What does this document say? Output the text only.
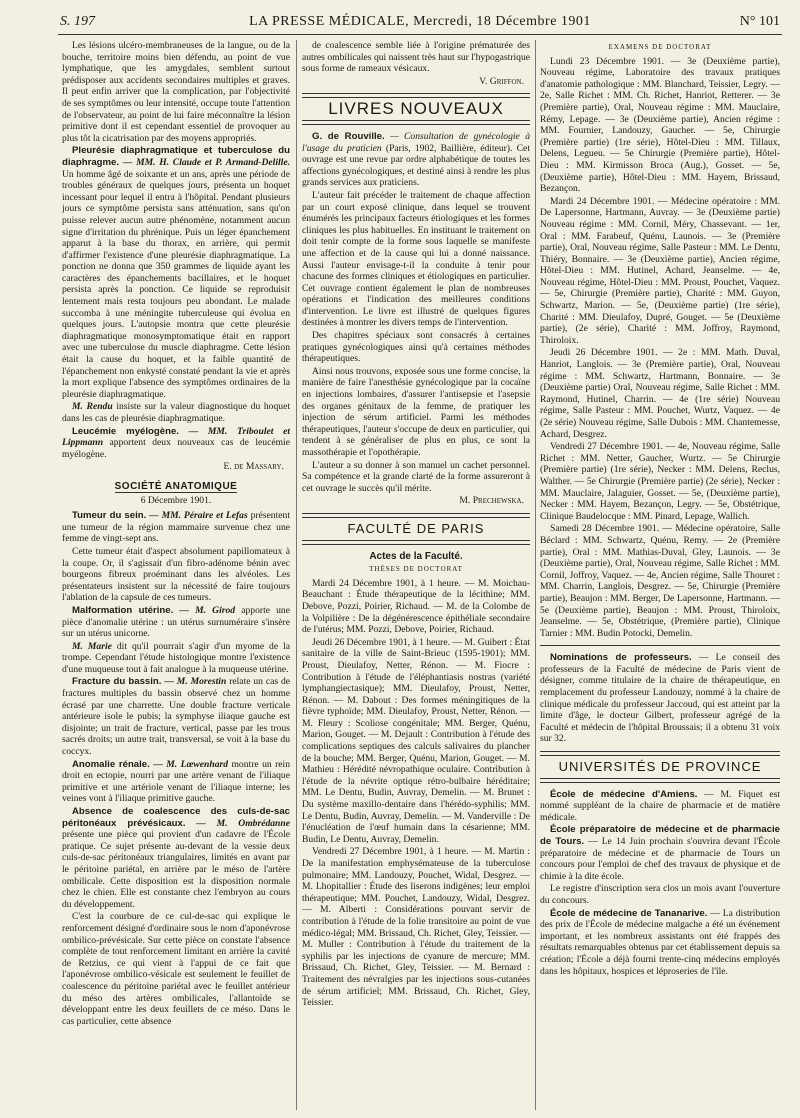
S. 197	LA PRESSE MÉDICALE, Mercredi, 18 Décembre 1901	N° 101

Les lésions ulcéro-membraneuses de la langue, ou de la bouche, territoire moins bien défendu, au point de vue lymphatique, que les amygdales, semblent surtout prédisposer aux accidents secondaires multiples et graves. Il peut enfin arriver que la complication, par l'objectivité de ses symptômes ou leur intensité, occupe toute l'attention de l'observateur, au point de lui faire méconnaître la lésion primitive dont il est cependant essentiel de provoquer au plus tôt la cicatrisation par des moyens appropriés.

Pleurésie diaphragmatique et tuberculose du diaphragme. — MM. H. Claude et P. Armand-Delille. Un homme âgé de soixante et un ans, après une période de troubles généraux de quelques jours, présenta un hoquet incessant pour lequel il entra à l'hôpital. Pendant plusieurs jours ce symptôme persista sans atténuation, sans qu'on puisse relever aucun autre phénomène, notamment aucun signe d'irritation du phrénique. Puis un léger épanchement apparut à la base du thorax, en arrière, qui permit d'affirmer l'existence d'une pleurésie diaphragmatique. La ponction ne donna que 350 grammes de liquide ayant les caractères des épanchements bacillaires, et le hoquet persista après la ponction. Ce liquide se reproduisit lentement mais resta toujours peu abondant. Le malade succomba à une méningite tuberculeuse qui évolua en quelques jours. L'autopsie montra que cette pleurésie diaphragmatique monosymptomatique était en rapport avec une tuberculose du muscle diaphragme. Cette lésion était la cause du hoquet, et la faible quantité de l'épanchement non enkysté constaté pendant la vie et après la mort explique l'absence des symptômes ordinaires de la pleurésie diaphragmatique.

M. Rendu insiste sur la valeur diagnostique du hoquet dans les cas de pleurésie diaphragmatique.

Leucémie myélogène. — MM. Triboulet et Lippmann apportent deux nouveaux cas de leucémie myélogène.

E. de Massary.

SOCIÉTÉ ANATOMIQUE
6 Décembre 1901.

Tumeur du sein. — MM. Péraire et Lefas présentent une tumeur de la région mammaire survenue chez une femme de vingt-sept ans.

Cette tumeur était d'aspect absolument papillomateux à la coupe. Or, il s'agissait d'un fibro-adénome bénin avec bourgeons fibreux proéminant dans les alvéoles. Les présentateurs insistent sur la nécessité de faire toujours l'ablation de la capsule de ces tumeurs.

Malformation utérine. — M. Girod apporte une pièce d'anomalie utérine : un utérus surnuméraire s'insère sur un utérus unicorne.

M. Marie dit qu'il pourrait s'agir d'un myome de la trompe. Cependant l'étude histologique montre l'existence d'une muqueuse tout à fait analogue à la muqueuse utérine.

Fracture du bassin. — M. Morestin relate un cas de fractures multiples du bassin observé chez un homme écrasé par une charrette. Une double fracture verticale antérieure isole le pubis; la symphyse iliaque gauche est disjointe; un trait de fracture, vertical, passe par les trous sacrés droits; un autre trait, transversal, se voit à la base du coccyx.

Anomalie rénale. — M. Lœwenhard montre un rein droit en ectopie, nourri par une artère venant de l'iliaque primitive et une artériole venant de l'iliaque interne; les veines vont à l'iliaque primitive gauche.

Absence de coalescence des culs-de-sac péritonéaux prévésicaux. — M. Ombrédanne présente une pièce qui provient d'un cadavre de l'École pratique. Ce sujet présente au-devant de la vessie deux culs-de-sac péritonéaux triangulaires, limités en avant par le péritoine pariétal, en arrière par le méso de l'artère ombilicale. Cette disposition est la disposition normale chez le chien. Elle est constante chez l'embryon au cours du développement.

C'est la courbure de ce cul-de-sac qui explique le renforcement désigné d'ordinaire sous le nom d'aponévrose ombilico-prévésicale. Sur cette pièce on constate l'absence complète de tout renforcement limitant en arrière la cavité de Retzius, ce qui vient à l'appui de ce fait que l'aponévrose ombilico-vésicale est seulement le feuillet de coalescence du péritoine pariétal avec le feuillet antérieur du méso des artères ombilicales, l'allantoïde se développant entre les deux feuillets de ce méso. Dans le cas particulier, cette absence

de coalescence semble liée à l'origine prématurée des autres ombilicales qui naissent très haut sur l'hypogastrique sous forme de rameaux vésicaux.

V. Griffon.

LIVRES NOUVEAUX

G. de Rouville. — Consultation de gynécologie à l'usage du praticien (Paris, 1902, Baillière, éditeur). Cet ouvrage est une revue par ordre alphabétique de toutes les affections gynécologiques, et destiné ainsi à rendre les plus grands services aux praticiens.

L'auteur fait précéder le traitement de chaque affection par un court exposé clinique, dans lequel se trouvent énumérés les principaux facteurs étiologiques et les formes cliniques les plus habituelles. En instituant le traitement on doit tenir compte de la forme sous laquelle se manifeste une affection et de la cause qui lui a donné naissance. Aussi l'auteur envisage-t-il la conduite à tenir pour chacune des formes cliniques et étiologiques en particulier. Cet ouvrage contient également le plan de nombreuses opérations et l'indication des meilleures conditions d'intervention. Le livre est illustré de quelques figures destinées à montrer les divers temps de l'intervention.

Des chapitres spéciaux sont consacrés à certaines pratiques gynécologiques ainsi qu'à certaines méthodes thérapeutiques.

Ainsi nous trouvons, exposée sous une forme concise, la manière de faire l'anesthésie gynécologique par la cocaïne en injections lombaires, d'assurer l'antisepsie et l'asepsie des organes génitaux de la femme, de pratiquer les injection de sérum artificiel. Parmi les méthodes thérapeutiques, l'auteur s'occupe de deux en particulier, qui tendent à se généraliser de plus en plus, ce sont la massothérapie et l'opothérapie.

L'auteur a su donner à son manuel un cachet personnel. Sa compétence et la grande clarté de la forme assureront à cet ouvrage le succès qu'il mérite.

M. Prechewska.

FACULTÉ DE PARIS
Actes de la Faculté.
THÈSES DE DOCTORAT

Mardi 24 Décembre 1901, à 1 heure. — M. Moichau-Beauchant : Étude thérapeutique de la lécithine; MM. Debove, Pozzi, Poirier, Richaud. — M. de la Colombe de la Volpilière : De la dégénérescence épithéliale secondaire de l'utérus; MM. Pozzi, Debove, Poirier, Richaud.

Jeudi 26 Décembre 1901, à 1 heure. — M. Guibert : État sanitaire de la ville de Saint-Brieuc (1595-1901); MM. Proust, Dieulafoy, Netter, Rénon. — M. Fiocre : Contribution à l'étude de l'éléphantiasis nostras (variété lymphangiectasique); MM. Dieulafoy, Proust, Netter, Rénon. — M. Dabout : Des formes méningitiques de la fièvre typhoïde; MM. Dieulafoy, Proust, Netter, Rénon. — M. Fleury : Scoliose congénitale; MM. Berger, Quénu, Marion, Gouget. — M. Dejault : Contribution à l'étude des complications septiques des calculs salivaires du plancher de la bouche; MM. Berger, Quénu, Marion, Gouget. — M. Mathieu : Hérédité névropathique oculaire. Contribution à l'étude de la névrite optique rétro-bulbaire héréditaire; MM. Le Dentu, Budin, Auvray, Demelin. — M. Brunet : Du système maxillo-dentaire dans l'hérédo-syphilis; MM. Le Dentu, Budin, Auvray, Demelin. — M. Vanderville : De l'énucléation de l'œuf humain dans la césarienne; MM. Budin, Le Dentu, Auvray, Demelin.

Vendredi 27 Décembre 1901, à 1 heure. — M. Martin : De la manifestation emphysémateuse de la tuberculose pulmonaire; MM. Landouzy, Pouchet, Widal, Desgrez. — M. Lhopitallier : Étude des liserons indigènes; leur emploi thérapeutique; MM. Pouchet, Landouzy, Widal, Desgrez. — M. Alberti : Considérations pouvant servir de contribution à l'étude de la folie transitoire au point de vue médico-légal; MM. Brissaud, Ch. Richet, Gley, Teissier. — M. Muller : Contribution à l'étude du traitement de la syphilis par les injections de cyanure de mercure; MM. Brissaud, Ch. Richet, Gley, Teissier. — M. Bernard : Traitement des névralgies par les injections sous-cutanées de sérum artificiel; MM. Brissaud, Ch. Richet, Gley, Teissier.

EXAMENS DE DOCTORAT

Lundi 23 Décembre 1901. — 3e (Deuxième partie), Nouveau régime, Laboratoire des travaux pratiques d'anatomie pathologique : MM. Blanchard, Teissier, Legry. — 2e, Salle Richet : MM. Ch. Richet, Hanriot, Retterer. — 3e (Première partie), Oral, Nouveau régime : MM. Mauclaire, Rémy, Lepage. — 3e (Deuxième partie), Ancien régime : MM. Fournier, Landouzy, Gaucher. — 5e, Chirurgie (Première partie) (1re série), Hôtel-Dieu : MM. Tillaux, Delens, Legueu. — 5e Chirurgie (Première partie), Hôtel-Dieu : MM. Kirmisson Broca (Aug.), Gosset. — 5e, (Deuxième partie), Hôtel-Dieu : MM. Hayem, Brissaud, Bezançon.

Mardi 24 Décembre 1901. — Médecine opératoire : MM. De Lapersonne, Hartmann, Auvray. — 3e (Deuxième partie) Nouveau régime : MM. Cornil, Méry, Chassevant. — 1er, Oral : MM. Farabeuf, Quénu, Launois. — 3e (Première partie), Oral, Nouveau régime, Salle Pasteur : MM. Le Dentu, Thiéry, Bonnaire. — 3e (Deuxième partie), Ancien régime, Hôtel-Dieu : MM. Hutinel, Achard, Jeanselme. — 4e, Nouveau régime, Hôtel-Dieu : MM. Proust, Pouchet, Vaquez. — 5e, Chirurgie (Première partie), Charité : MM. Guyon, Schwartz, Marion. — 5e, (Deuxième partie) (1re série), Charité : MM. Dieulafoy, Dupré, Gouget. — 5e (Deuxième partie), (2e série), Charité : MM. Joffroy, Raymond, Thiroloix.

Jeudi 26 Décembre 1901. — 2e : MM. Math. Duval, Hanriot, Langlois. — 3e (Première partie), Oral, Nouveau régime : MM. Schwartz, Hartmann, Bonnaire. — 3e (Deuxième partie) Oral, Nouveau régime, Salle Richet : MM. Raymond, Hutinel, Charrin. — 4e (1re série) Nouveau régime, Salle Pasteur : MM. Pouchet, Wurtz, Vaquez. — 4e (2e série) Nouveau régime, Salle Dubois : MM. Chantemesse, Achard, Desgrez.

Vendredi 27 Décembre 1901. — 4e, Nouveau régime, Salle Richet : MM. Netter, Gaucher, Wurtz. — 5e Chirurgie (Première partie) (1re série), Necker : MM. Delens, Reclus, Walther. — 5e Chirurgie (Première partie) (2e série), Necker : MM. Mauclaire, Jalaguier, Gosset. — 5e, (Deuxième partie), Necker : MM. Hayem, Bezançon, Legry. — 5e, Obstétrique, Clinique Baudelocque : MM. Pinard, Lepage, Wallich.

Samedi 28 Décembre 1901. — Médecine opératoire, Salle Béclard : MM. Schwartz, Quénu, Remy. — 2e (Première partie), Oral : MM. Mathias-Duval, Gley, Launois. — 3e (Deuxième partie), Oral, Nouveau régime, Salle Richet : MM. Cornil, Joffroy, Vaquez. — 4e, Ancien régime, Salle Thouret : MM. Charrin, Langlois, Desgrez. — 5e, Chirurgie (Première partie), Beaujon : MM. Berger, De Lapersonne, Hartmann. — 5e (Deuxième partie), Beaujon : MM. Proust, Thiroloix, Jeanselme. — 5e, Obstétrique, (Première partie), Clinique Tarnier : MM. Budin Potocki, Demelin.

Nominations de professeurs. — Le conseil des professeurs de la Faculté de médecine de Paris vient de désigner, comme titulaire de la chaire de thérapeutique, en remplacement du professeur Landouzy, nommé à la chaire de clinique médicale du professeur Jaccoud, qui est atteint par la limite d'âge, le docteur Gilbert, professeur agrégé de la Faculté et médecin de l'hôpital Broussais; il a obtenu 31 voix sur 32.

UNIVERSITÉS DE PROVINCE

École de médecine d'Amiens. — M. Fiquet est nommé suppléant de la chaire de pharmacie et de matière médicale.

École préparatoire de médecine et de pharmacie de Tours. — Le 14 Juin prochain s'ouvrira devant l'École préparatoire de médecine et de pharmacie de Tours un concours pour l'emploi de chef des travaux de physique et de chimie à la dite école.

Le registre d'inscription sera clos un mois avant l'ouverture du concours.

École de médecine de Tananarive. — La distribution des prix de l'École de médecine malgache a été un événement important, et les nombreux assistants ont été frappés des résultats remarquables obtenus par cet établissement depuis sa création; l'École a déjà fourni trente-cinq médecins employés dans les hôpitaux, hospices et léproseries de l'île.
